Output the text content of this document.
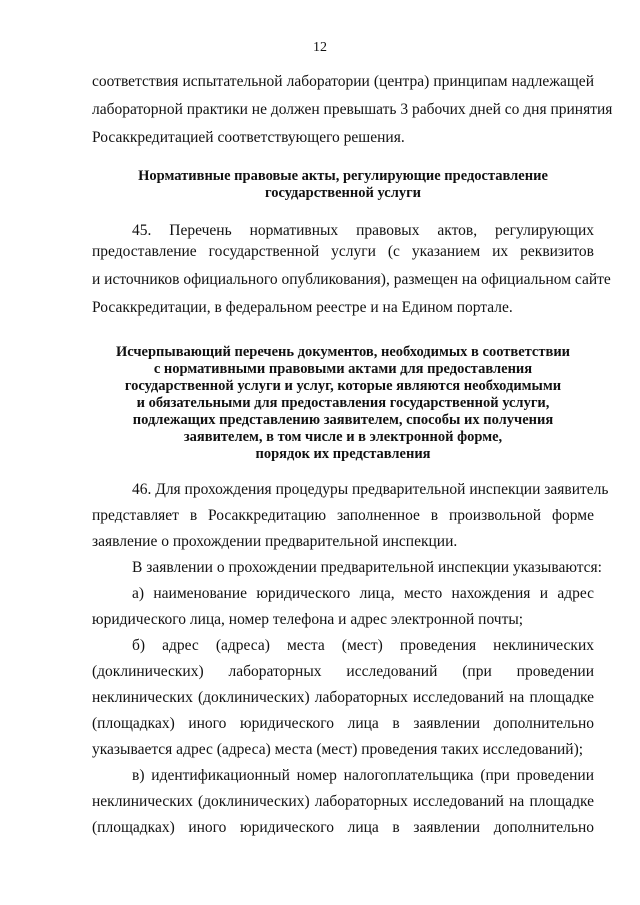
12
соответствия испытательной лаборатории (центра) принципам надлежащей
лабораторной практики не должен превышать 3 рабочих дней со дня принятия
Росаккредитацией соответствующего решения.
Нормативные правовые акты, регулирующие предоставление
государственной услуги
45. Перечень нормативных правовых актов, регулирующих
предоставление государственной услуги (с указанием их реквизитов
и источников официального опубликования), размещен на официальном сайте
Росаккредитации, в федеральном реестре и на Едином портале.
Исчерпывающий перечень документов, необходимых в соответствии
с нормативными правовыми актами для предоставления
государственной услуги и услуг, которые являются необходимыми
и обязательными для предоставления государственной услуги,
подлежащих представлению заявителем, способы их получения
заявителем, в том числе и в электронной форме,
порядок их представления
46. Для прохождения процедуры предварительной инспекции заявитель
представляет в Росаккредитацию заполненное в произвольной форме
заявление о прохождении предварительной инспекции.
В заявлении о прохождении предварительной инспекции указываются:
а) наименование юридического лица, место нахождения и адрес
юридического лица, номер телефона и адрес электронной почты;
б) адрес (адреса) места (мест) проведения неклинических
(доклинических) лабораторных исследований (при проведении
неклинических (доклинических) лабораторных исследований на площадке
(площадках) иного юридического лица в заявлении дополнительно
указывается адрес (адреса) места (мест) проведения таких исследований);
в) идентификационный номер налогоплательщика (при проведении
неклинических (доклинических) лабораторных исследований на площадке
(площадках) иного юридического лица в заявлении дополнительно
